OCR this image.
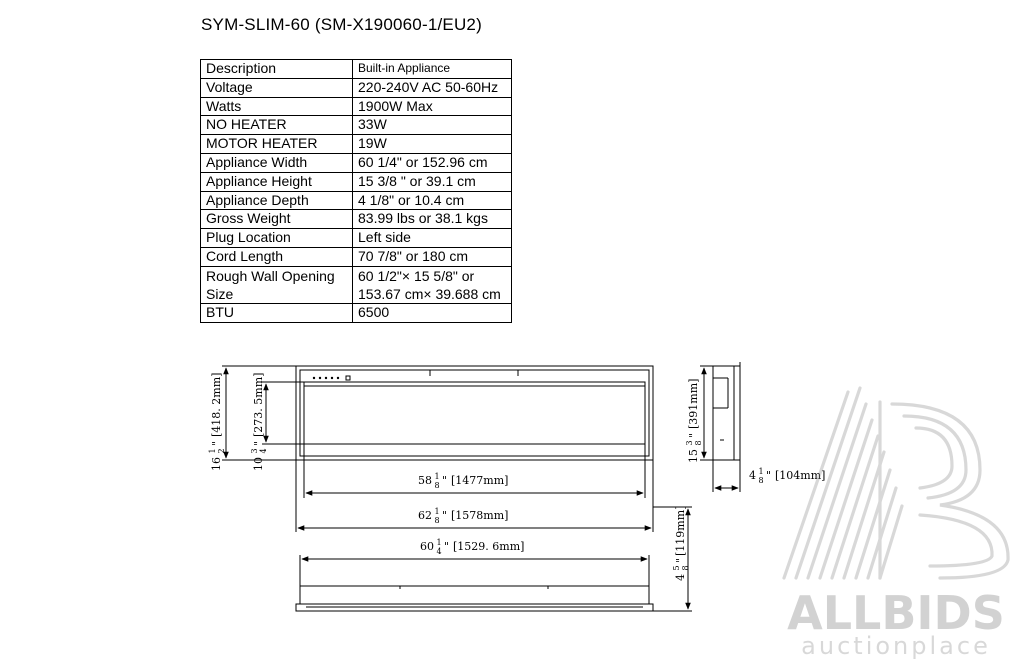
SYM-SLIM-60 (SM-X190060-1/EU2)
Description	Built-in Appliance
Voltage	220-240V AC 50-60Hz
Watts	1900W Max
NO HEATER	33W
MOTOR HEATER	19W
Appliance Width	60 1/4" or 152.96 cm
Appliance Height	15 3/8 " or 39.1 cm
Appliance Depth	4 1/8" or 10.4 cm
Gross Weight	83.99 lbs or 38.1 kgs
Plug Location	Left side
Cord Length	70 7/8" or 180 cm
Rough Wall Opening Size	60 1/2"× 15 5/8" or 153.67 cm× 39.688 cm
BTU	6500
16
1 2
"
[418. 2mm]
10
3 4
"
[273. 5mm]
58 1
8 " [1477mm]
62 1
8 " [1578mm]
60 1
4 " [1529. 6mm]
15
3 8
"
[391mm]
4 1
8 " [104mm]
4
5 8
"
[119mm]
ALLBIDS
auctionplace
